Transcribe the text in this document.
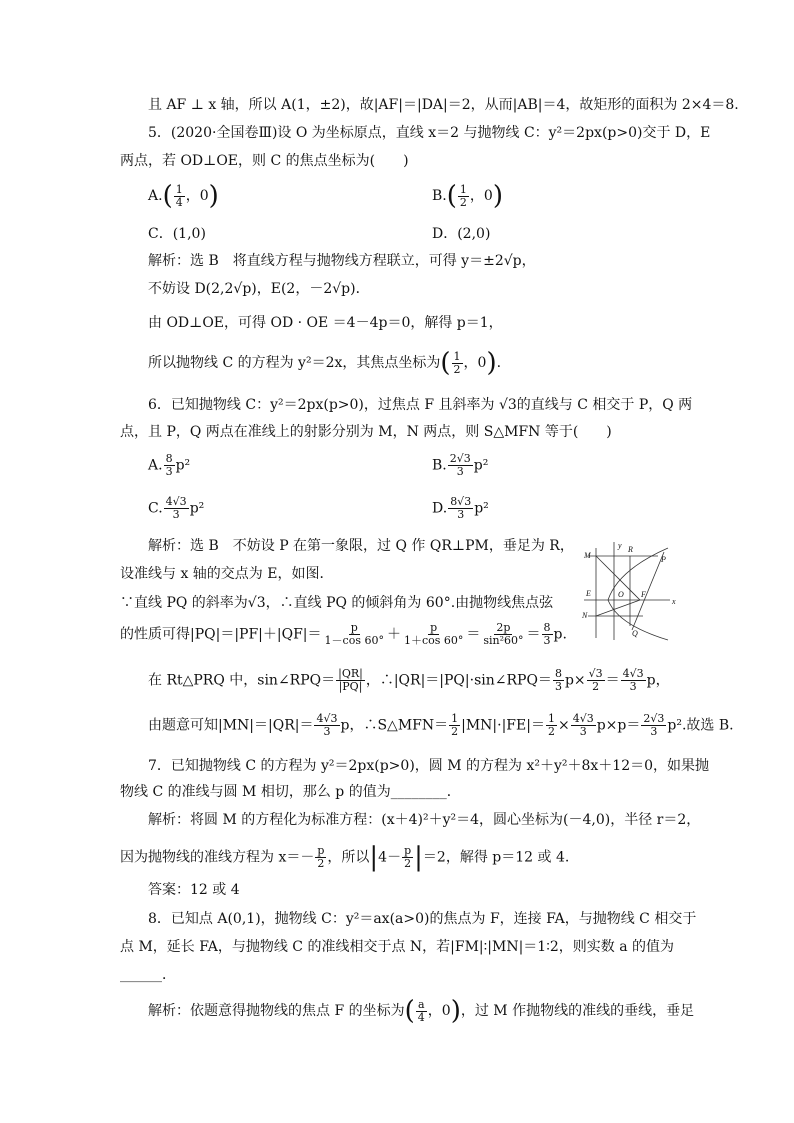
且 AF ⊥ x 轴，所以 A(1，±2)，故|AF|＝|DA|＝2，从而|AB|＝4，故矩形的面积为 2×4＝8.
5．(2020·全国卷Ⅲ)设 O 为坐标原点，直线 x＝2 与抛物线 C：y²＝2px(p>0)交于 D，E
两点，若 OD⊥OE，则 C 的焦点坐标为(　　)
$A.( \frac{1}{4}$ ，0)	$B.( \frac{1}{2}$ ，0)
C．(1,0)	D．(2,0)
解析：选 B　将直线方程与抛物线方程联立，可得 y＝±2√p，
不妨设 D(2,2√p)，E(2，－2√p)．
由 OD⊥OE，可得 OD · OE ＝4－4p＝0，解得 p＝1，
所以抛物线 C 的方程为 y²＝2x，其焦点坐标为( $\frac{1}{2}$ ，0).
6．已知抛物线 C：y²＝2px(p>0)，过焦点 F 且斜率为 √3的直线与 C 相交于 P，Q 两
点，且 P，Q 两点在准线上的射影分别为 M，N 两点，则 S△MFN 等于(　　)
A. $\frac{8}{3} p^2$	B. $\frac{2√3}{3} p^2$
C. $\frac{4√3}{3} p^2$	D. $\frac{8√3}{3} p^2$
解析：选 B　不妨设 P 在第一象限，过 Q 作 QR⊥PM，垂足为 R，
设准线与 x 轴的交点为 E，如图．
∵直线 PQ 的斜率为√3，∴直线 PQ 的倾斜角为 60°.由抛物线焦点弦
的性质可得$|PQ|=|PF|+|QF|= \frac{p}{1-\cos 60^\circ} + \frac{p}{1+\cos 60^\circ} = \frac{2p}{\text{sin²60°}} = \frac{8}{3} p$.
在 Rt△PRQ 中，sin∠RPQ＝ $\frac{|QR|}{|PQ|}$ ，∴|QR|＝|PQ|·sin∠RPQ＝ $\frac{8}{3} p\times \frac{√3}{2} = \frac{4√3}{3}$ p，
由题意可知$|MN|=|QR|= \frac{4√3}{3}$ p，∴S△MFN＝ $\frac{1}{2} |MN|\cdot|FE|= \frac{1}{2} \times \frac{4√3}{3} p\times p= \frac{2√3}{3} p^2$.故选 B.
7．已知抛物线 C 的方程为 y²＝2px(p>0)，圆 M 的方程为 x²＋y²＋8x＋12＝0，如果抛
物线 C 的准线与圆 M 相切，那么 p 的值为________．
解析：将圆 M 的方程化为标准方程：(x＋4)²＋y²＝4，圆心坐标为(－4,0)，半径 r＝2，
因为抛物线的准线方程为 $x=- \frac{p}{2}$ ，所以$|4- \frac{p}{2} |=2$，解得 p＝12 或 4.
答案：12 或 4
8．已知点 A(0,1)，抛物线 C：y²＝ax(a>0)的焦点为 F，连接 FA，与抛物线 C 相交于
点 M，延长 FA，与抛物线 C 的准线相交于点 N，若|FM|∶|MN|＝1∶2，则实数 a 的值为
______．
解析：依题意得抛物线的焦点 F 的坐标为( $\frac{a}{4}$ ，0)，过 M 作抛物线的准线的垂线，垂足
y
x
M
R
P
E	O F
N
Q
